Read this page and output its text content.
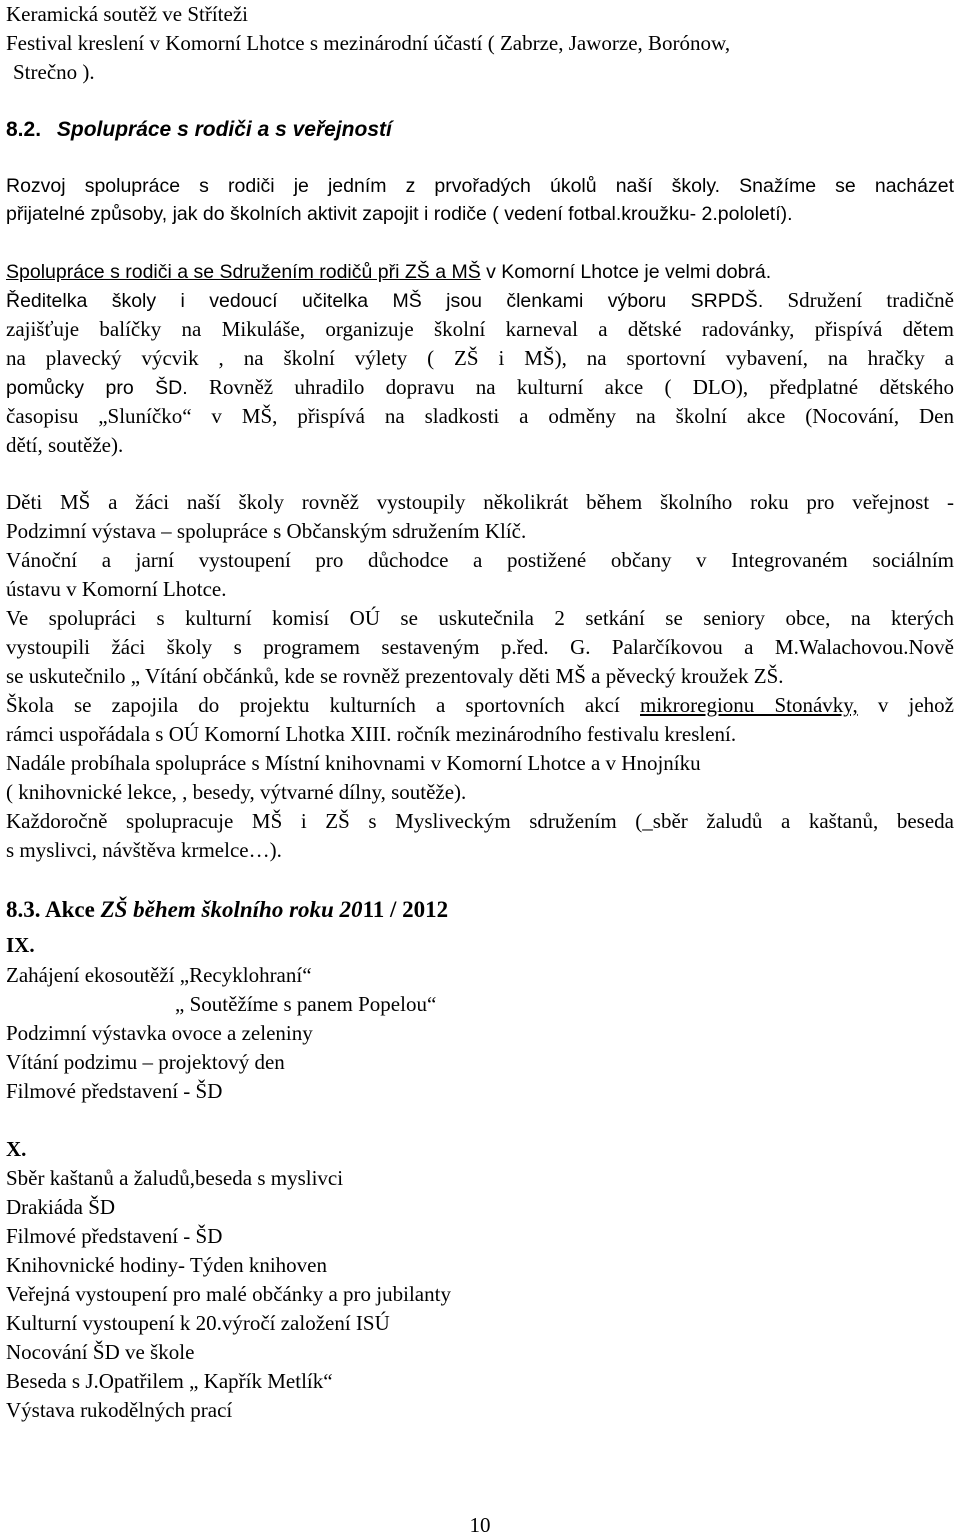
Keramická soutěž ve Stříteži
Festival kreslení v Komorní Lhotce s mezinárodní účastí ( Zabrze, Jaworze, Borónow,
Strečno ).
8.2. Spolupráce s rodiči a s veřejností
Rozvoj spolupráce s rodiči je jedním z prvořadých úkolů naší školy. Snažíme se nacházet
přijatelné způsoby, jak do školních aktivit zapojit i rodiče ( vedení fotbal.kroužku- 2.pololetí).
Spolupráce s rodiči a se Sdružením rodičů při ZŠ a MŠ v Komorní Lhotce je velmi dobrá.
Ředitelka školy i vedoucí učitelka MŠ jsou členkami výboru SRPDŠ. Sdružení tradičně
zajišťuje balíčky na Mikuláše, organizuje školní karneval a dětské radovánky, přispívá dětem
na plavecký výcvik , na školní výlety ( ZŠ i MŠ), na sportovní vybavení, na hračky a
pomůcky pro ŠD. Rovněž uhradilo dopravu na kulturní akce ( DLO), předplatné dětského
časopisu „Sluníčko“ v MŠ, přispívá na sladkosti a odměny na školní akce (Nocování, Den
dětí, soutěže).
Děti MŠ a žáci naší školy rovněž vystoupily několikrát během školního roku pro veřejnost -
Podzimní výstava – spolupráce s Občanským sdružením Klíč.
Vánoční a jarní vystoupení pro důchodce a postižené občany v Integrovaném sociálním
ústavu v Komorní Lhotce.
Ve spolupráci s kulturní komisí OÚ se uskutečnila 2 setkání se seniory obce, na kterých
vystoupili žáci školy s programem sestaveným p.řed. G. Palarčíkovou a M.Walachovou.Nově
se uskutečnilo „ Vítání občánků, kde se rovněž prezentovaly děti MŠ a pěvecký kroužek ZŠ.
Škola se zapojila do projektu kulturních a sportovních akcí mikroregionu Stonávky, v jehož
rámci uspořádala s OÚ Komorní Lhotka XIII. ročník mezinárodního festivalu kreslení.
Nadále probíhala spolupráce s Místní knihovnami v Komorní Lhotce a v Hnojníku
( knihovnické lekce, , besedy, výtvarné dílny, soutěže).
Každoročně spolupracuje MŠ i ZŠ s Mysliveckým sdružením (_sběr žaludů a kaštanů, beseda
s myslivci, návštěva krmelce…).
8.3. Akce ZŠ během školního roku 2011 / 2012
IX.
Zahájení ekosoutěží „Recyklohraní“
„ Soutěžíme s panem Popelou“
Podzimní výstavka ovoce a zeleniny
Vítání podzimu – projektový den
Filmové představení - ŠD
X.
Sběr kaštanů a žaludů,beseda s myslivci
Drakiáda ŠD
Filmové představení - ŠD
Knihovnické hodiny- Týden knihoven
Veřejná vystoupení pro malé občánky a pro jubilanty
Kulturní vystoupení k 20.výročí založení ISÚ
Nocování ŠD ve škole
Beseda s J.Opatřilem „ Kapřík Metlík“
Výstava rukodělných prací
10
